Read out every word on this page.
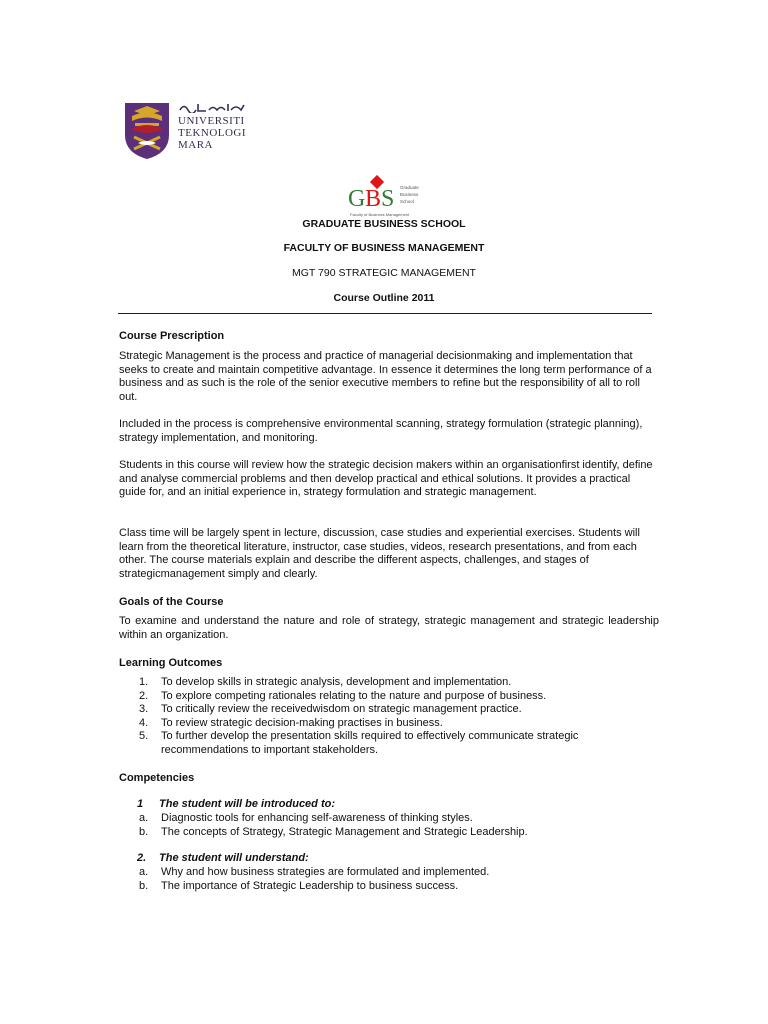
UNIVERSITI
TEKNOLOGI
MARA
G B S Graduate
Business
School
Faculty of Business Management
GRADUATE BUSINESS SCHOOL
FACULTY OF BUSINESS MANAGEMENT
MGT 790 STRATEGIC MANAGEMENT
Course Outline 2011
Course Prescription
Strategic Management is the process and practice of managerial decisionmaking and implementation that seeks to create and maintain competitive advantage. In essence it determines the long term performance of a business and as such is the role of the senior executive members to refine but the responsibility of all to roll out.
Included in the process is comprehensive environmental scanning, strategy formulation (strategic planning), strategy implementation, and monitoring.
Students in this course will review how the strategic decision makers within an organisationfirst identify, define and analyse commercial problems and then develop practical and ethical solutions. It provides a practical guide for, and an initial experience in, strategy formulation and strategic management.
Class time will be largely spent in lecture, discussion, case studies and experiential exercises. Students will learn from the theoretical literature, instructor, case studies, videos, research presentations, and from each other. The course materials explain and describe the different aspects, challenges, and stages of strategicmanagement simply and clearly.
Goals of the Course
To examine and understand the nature and role of strategy, strategic management and strategic leadership within an organization.
Learning Outcomes
1. To develop skills in strategic analysis, development and implementation.
2. To explore competing rationales relating to the nature and purpose of business.
3. To critically review the receivedwisdom on strategic management practice.
4. To review strategic decision-making practises in business.
5. To further develop the presentation skills required to effectively communicate strategic recommendations to important stakeholders.
Competencies
1 The student will be introduced to:
a. Diagnostic tools for enhancing self-awareness of thinking styles.
b. The concepts of Strategy, Strategic Management and Strategic Leadership.
2. The student will understand:
a. Why and how business strategies are formulated and implemented.
b. The importance of Strategic Leadership to business success.
